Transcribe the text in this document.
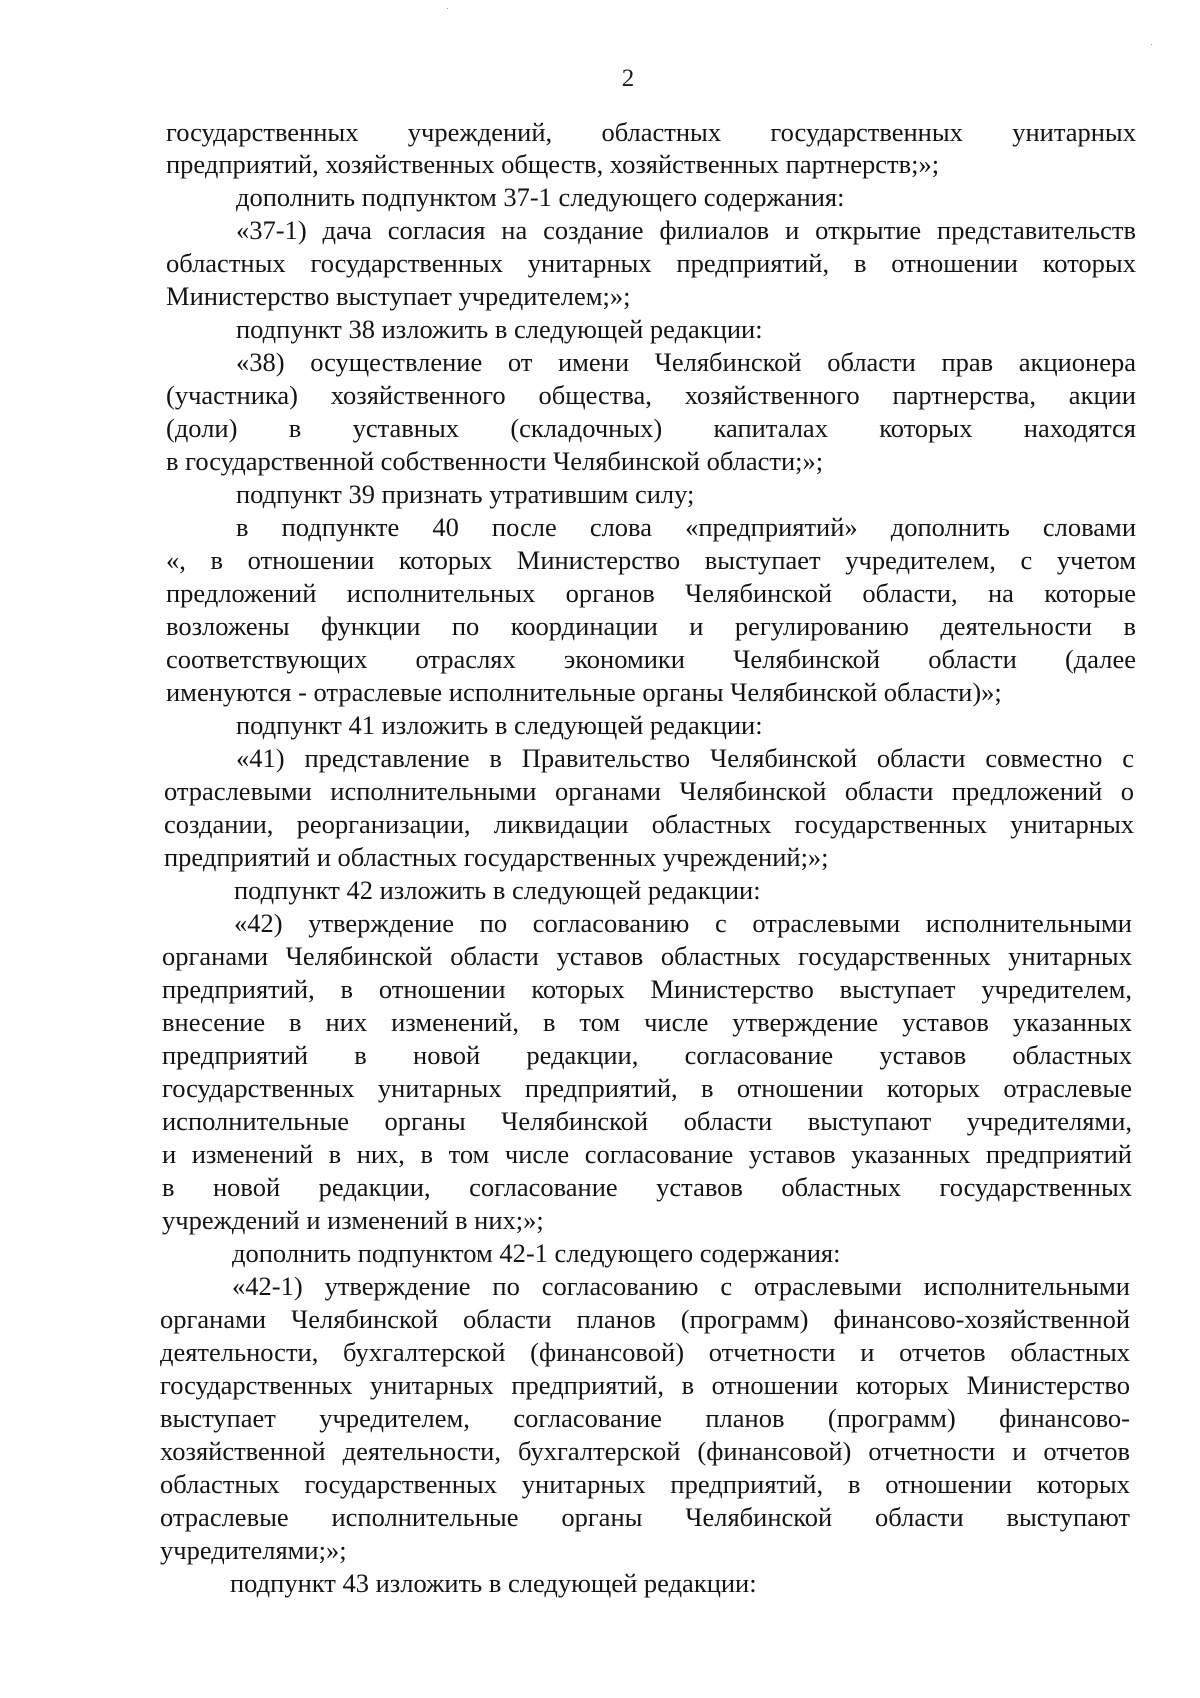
2
государственных учреждений, областных государственных унитарных
предприятий, хозяйственных обществ, хозяйственных партнерств;»;
дополнить подпунктом 37-1 следующего содержания:
«37-1) дача согласия на создание филиалов и открытие представительств
областных государственных унитарных предприятий, в отношении которых
Министерство выступает учредителем;»;
подпункт 38 изложить в следующей редакции:
«38) осуществление от имени Челябинской области прав акционера
(участника) хозяйственного общества, хозяйственного партнерства, акции
(доли) в уставных (складочных) капиталах которых находятся
в государственной собственности Челябинской области;»;
подпункт 39 признать утратившим силу;
в подпункте 40 после слова «предприятий» дополнить словами
«, в отношении которых Министерство выступает учредителем, с учетом
предложений исполнительных органов Челябинской области, на которые
возложены функции по координации и регулированию деятельности в
соответствующих отраслях экономики Челябинской области (далее
именуются - отраслевые исполнительные органы Челябинской области)»;
подпункт 41 изложить в следующей редакции:
«41) представление в Правительство Челябинской области совместно с
отраслевыми исполнительными органами Челябинской области предложений о
создании, реорганизации, ликвидации областных государственных унитарных
предприятий и областных государственных учреждений;»;
подпункт 42 изложить в следующей редакции:
«42) утверждение по согласованию с отраслевыми исполнительными
органами Челябинской области уставов областных государственных унитарных
предприятий, в отношении которых Министерство выступает учредителем,
внесение в них изменений, в том числе утверждение уставов указанных
предприятий в новой редакции, согласование уставов областных
государственных унитарных предприятий, в отношении которых отраслевые
исполнительные органы Челябинской области выступают учредителями,
и изменений в них, в том числе согласование уставов указанных предприятий
в новой редакции, согласование уставов областных государственных
учреждений и изменений в них;»;
дополнить подпунктом 42-1 следующего содержания:
«42-1) утверждение по согласованию с отраслевыми исполнительными
органами Челябинской области планов (программ) финансово-хозяйственной
деятельности, бухгалтерской (финансовой) отчетности и отчетов областных
государственных унитарных предприятий, в отношении которых Министерство
выступает учредителем, согласование планов (программ) финансово-
хозяйственной деятельности, бухгалтерской (финансовой) отчетности и отчетов
областных государственных унитарных предприятий, в отношении которых
отраслевые исполнительные органы Челябинской области выступают
учредителями;»;
подпункт 43 изложить в следующей редакции:
